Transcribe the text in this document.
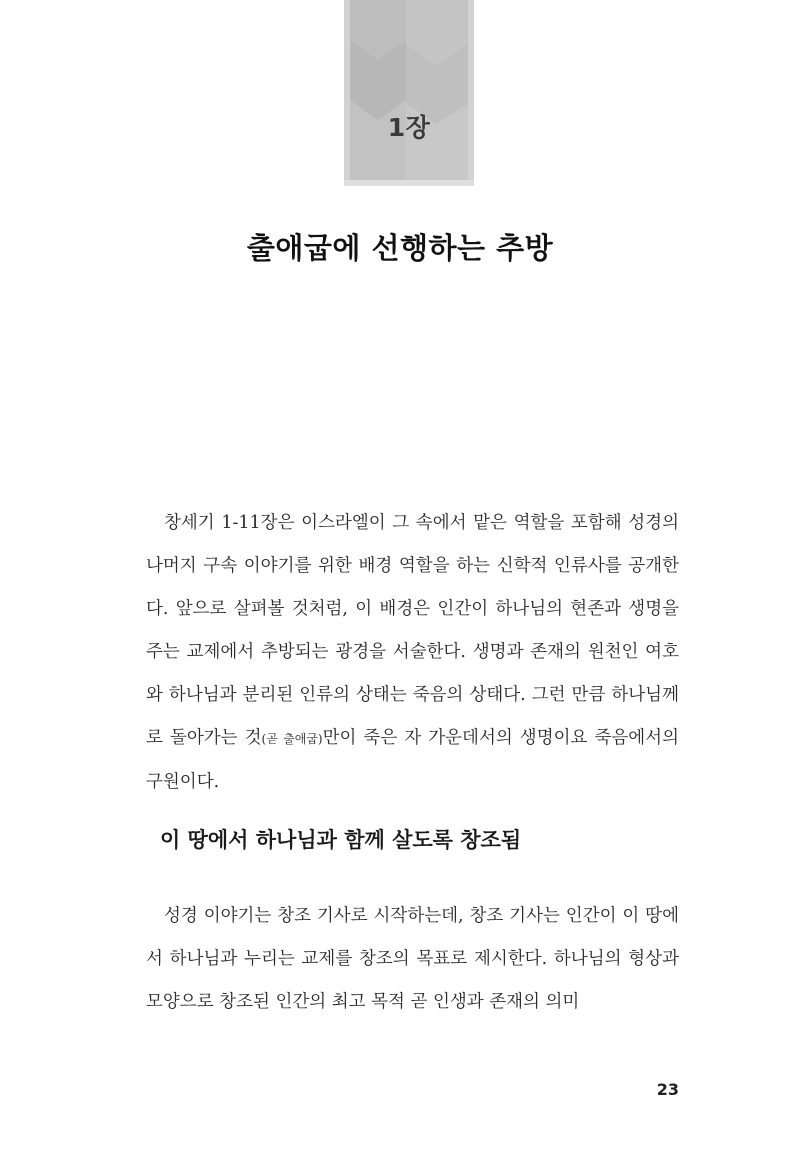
1장
출애굽에 선행하는 추방

창세기 1-11장은 이스라엘이 그 속에서 맡은 역할을 포함해 성경의 나머지 구속 이야기를 위한 배경 역할을 하는 신학적 인류사를 공개한다. 앞으로 살펴볼 것처럼, 이 배경은 인간이 하나님의 현존과 생명을 주는 교제에서 추방되는 광경을 서술한다. 생명과 존재의 원천인 여호와 하나님과 분리된 인류의 상태는 죽음의 상태다. 그런 만큼 하나님께로 돌아가는 것(곧 출애굽)만이 죽은 자 가운데서의 생명이요 죽음에서의 구원이다.

이 땅에서 하나님과 함께 살도록 창조됨

성경 이야기는 창조 기사로 시작하는데, 창조 기사는 인간이 이 땅에서 하나님과 누리는 교제를 창조의 목표로 제시한다. 하나님의 형상과 모양으로 창조된 인간의 최고 목적 곧 인생과 존재의 의미

23
